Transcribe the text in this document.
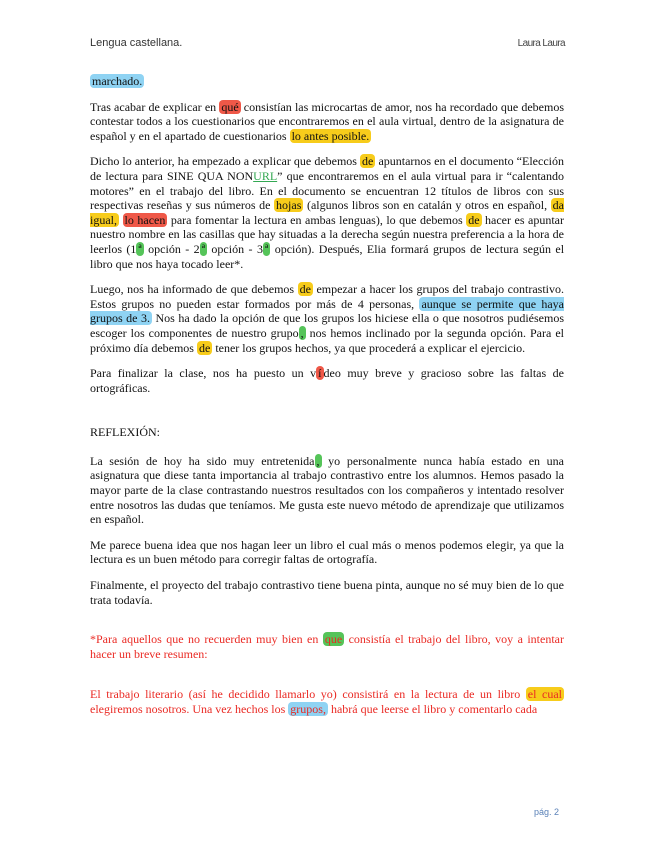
Lengua castellana.	Laura Laura

marchado.

Tras acabar de explicar en qué consistían las microcartas de amor, nos ha recordado que debemos contestar todos a los cuestionarios que encontraremos en el aula virtual, dentro de la asignatura de español y en el apartado de cuestionarios lo antes posible.

Dicho lo anterior, ha empezado a explicar que debemos de apuntarnos en el documento “Elección de lectura para SINE QUA NONURL” que encontraremos en el aula virtual para ir “calentando motores” en el trabajo del libro. En el documento se encuentran 12 títulos de libros con sus respectivas reseñas y sus números de hojas (algunos libros son en catalán y otros en español, da igual, lo hacen para fomentar la lectura en ambas lenguas), lo que debemos de hacer es apuntar nuestro nombre en las casillas que hay situadas a la derecha según nuestra preferencia a la hora de leerlos (1 ª opción - 2 ª opción - 3 ª opción). Después, Elia formará grupos de lectura según el libro que nos haya tocado leer*.

Luego, nos ha informado de que debemos de empezar a hacer los grupos del trabajo contrastivo. Estos grupos no pueden estar formados por más de 4 personas, aunque se permite que haya grupos de 3. Nos ha dado la opción de que los grupos los hiciese ella o que nosotros pudiésemos escoger los componentes de nuestro grupo , nos hemos inclinado por la segunda opción. Para el próximo día debemos de tener los grupos hechos, ya que procederá a explicar el ejercicio.

Para finalizar la clase, nos ha puesto un v í deo muy breve y gracioso sobre las faltas de ortográficas.

REFLEXIÓN:

La sesión de hoy ha sido muy entretenida , yo personalmente nunca había estado en una asignatura que diese tanta importancia al trabajo contrastivo entre los alumnos. Hemos pasado la mayor parte de la clase contrastando nuestros resultados con los compañeros y intentado resolver entre nosotros las dudas que teníamos. Me gusta este nuevo método de aprendizaje que utilizamos en español.

Me parece buena idea que nos hagan leer un libro el cual más o menos podemos elegir, ya que la lectura es un buen método para corregir faltas de ortografía.

Finalmente, el proyecto del trabajo contrastivo tiene buena pinta, aunque no sé muy bien de lo que trata todavía.

*Para aquellos que no recuerden muy bien en que consistía el trabajo del libro, voy a intentar hacer un breve resumen:

El trabajo literario (así he decidido llamarlo yo) consistirá en la lectura de un libro el cual elegiremos nosotros. Una vez hechos los grupos, habrá que leerse el libro y comentarlo cada

pág. 2
